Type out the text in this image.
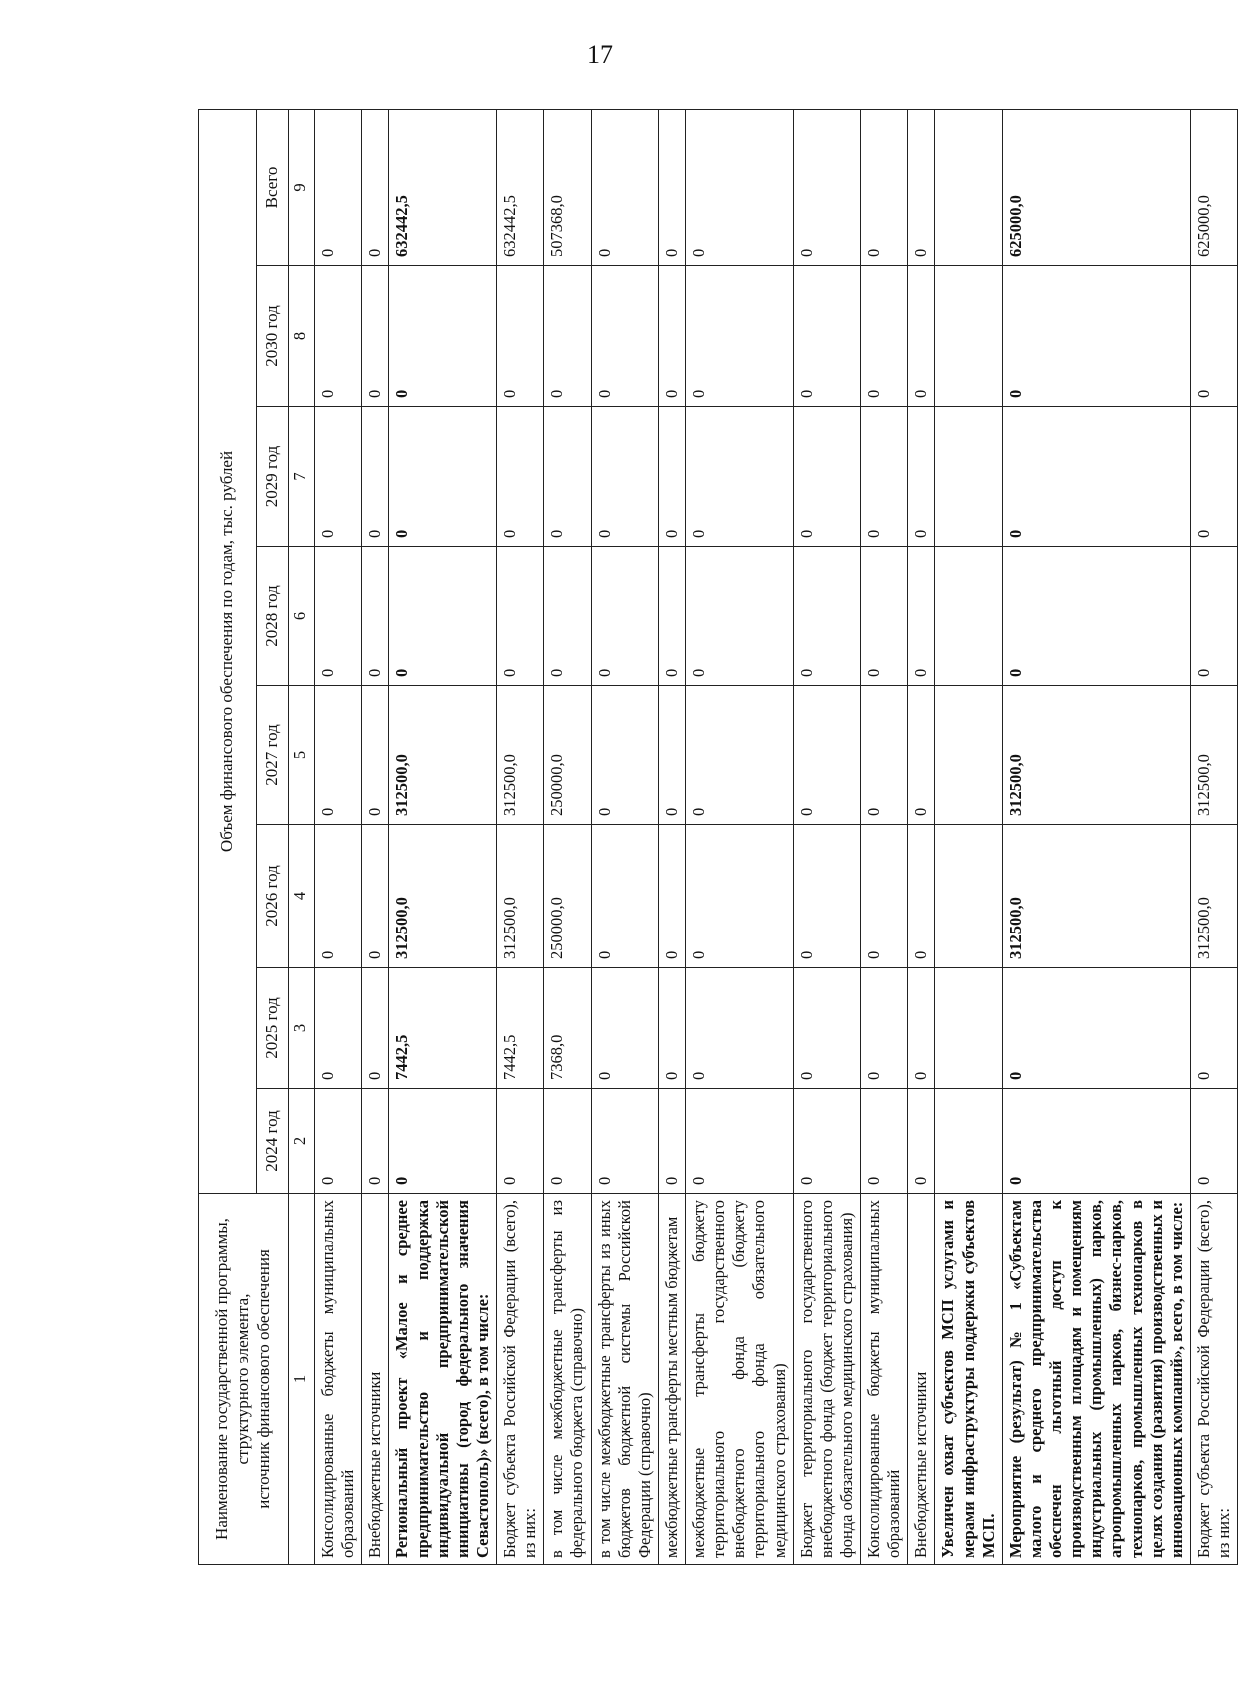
17
Наименование государственной программы, структурного элемента, источник финансового обеспечения	Объем финансового обеспечения по годам, тыс. рублей							
	2024 год	2025 год	2026 год	2027 год	2028 год	2029 год	2030 год	Всего
1	2	3	4	5	6	7	8	9
Консолидированные бюджеты муниципальных образований	0	0	0	0	0	0	0	0
Внебюджетные источники	0	0	0	0	0	0	0	0
Региональный проект «Малое и среднее предпринимательство и поддержка индивидуальной предпринимательской инициативы (город федерального значения Севастополь)» (всего), в том числе:	0	7442,5	312500,0	312500,0	0	0	0	632442,5
Бюджет субъекта Российской Федерации (всего), из них:	0	7442,5	312500,0	312500,0	0	0	0	632442,5
в том числе межбюджетные трансферты из федерального бюджета (справочно)	0	7368,0	250000,0	250000,0	0	0	0	507368,0
в том числе межбюджетные трансферты из иных бюджетов бюджетной системы Российской Федерации (справочно)	0	0	0	0	0	0	0	0
межбюджетные трансферты местным бюджетам	0	0	0	0	0	0	0	0
межбюджетные трансферты бюджету территориального государственного внебюджетного фонда (бюджету территориального фонда обязательного медицинского страхования)	0	0	0	0	0	0	0	0
Бюджет территориального государственного внебюджетного фонда (бюджет территориального фонда обязательного медицинского страхования)	0	0	0	0	0	0	0	0
Консолидированные бюджеты муниципальных образований	0	0	0	0	0	0	0	0
Внебюджетные источники	0	0	0	0	0	0	0	0
Увеличен охват субъектов МСП услугами и мерами инфраструктуры поддержки субъектов МСП.								
Мероприятие (результат) № 1 «Субъектам малого и среднего предпринимательства обеспечен льготный доступ к производственным площадям и помещениям индустриальных (промышленных) парков, агропромышленных парков, бизнес-парков, технопарков, промышленных технопарков в целях создания (развития) производственных и инновационных компаний», всего, в том числе:	0	0	312500,0	312500,0	0	0	0	625000,0
Бюджет субъекта Российской Федерации (всего), из них:	0	0	312500,0	312500,0	0	0	0	625000,0
